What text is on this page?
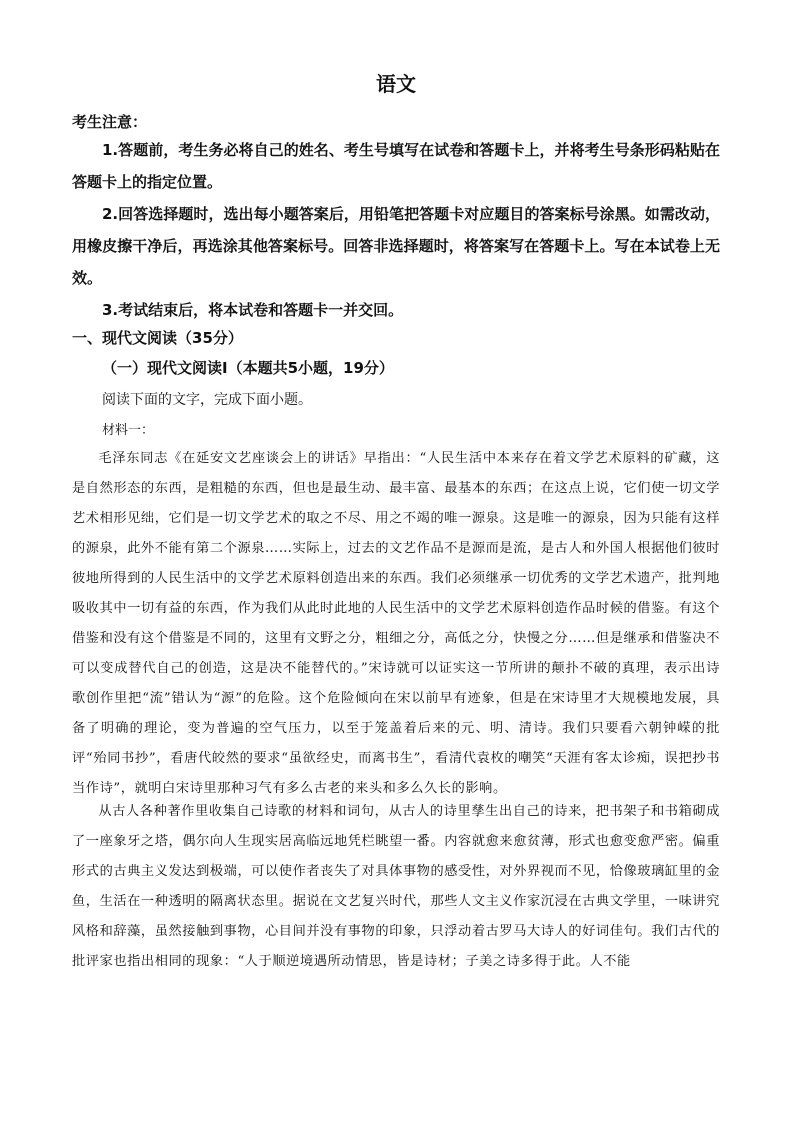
语文
考生注意：
1.答题前，考生务必将自己的姓名、考生号填写在试卷和答题卡上，并将考生号条形码粘贴在答题卡上的指定位置。
2.回答选择题时，选出每小题答案后，用铅笔把答题卡对应题目的答案标号涂黑。如需改动，用橡皮擦干净后，再选涂其他答案标号。回答非选择题时，将答案写在答题卡上。写在本试卷上无效。
3.考试结束后，将本试卷和答题卡一并交回。
一、现代文阅读（35分）
（一）现代文阅读Ⅰ（本题共5小题，19分）
阅读下面的文字，完成下面小题。
材料一：
毛泽东同志《在延安文艺座谈会上的讲话》早指出：“人民生活中本来存在着文学艺术原料的矿藏，这是自然形态的东西，是粗糙的东西，但也是最生动、最丰富、最基本的东西；在这点上说，它们使一切文学艺术相形见绌，它们是一切文学艺术的取之不尽、用之不竭的唯一源泉。这是唯一的源泉，因为只能有这样的源泉，此外不能有第二个源泉……实际上，过去的文艺作品不是源而是流，是古人和外国人根据他们彼时彼地所得到的人民生活中的文学艺术原料创造出来的东西。我们必须继承一切优秀的文学艺术遗产，批判地吸收其中一切有益的东西，作为我们从此时此地的人民生活中的文学艺术原料创造作品时候的借鉴。有这个借鉴和没有这个借鉴是不同的，这里有文野之分，粗细之分，高低之分，快慢之分……但是继承和借鉴决不可以变成替代自己的创造，这是决不能替代的。”宋诗就可以证实这一节所讲的颠扑不破的真理，表示出诗歌创作里把“流”错认为“源”的危险。这个危险倾向在宋以前早有迹象，但是在宋诗里才大规模地发展，具备了明确的理论，变为普遍的空气压力，以至于笼盖着后来的元、明、清诗。我们只要看六朝钟嵘的批评“殆同书抄”，看唐代皎然的要求“虽欲经史，而离书生”，看清代袁枚的嘲笑“天涯有客太诊痴，误把抄书当作诗”，就明白宋诗里那种习气有多么古老的来头和多么久长的影响。
从古人各种著作里收集自己诗歌的材料和词句，从古人的诗里孳生出自己的诗来，把书架子和书箱砌成了一座象牙之塔，偶尔向人生现实居高临远地凭栏眺望一番。内容就愈来愈贫薄，形式也愈变愈严密。偏重形式的古典主义发达到极端，可以使作者丧失了对具体事物的感受性，对外界视而不见，恰像玻璃缸里的金鱼，生活在一种透明的隔离状态里。据说在文艺复兴时代，那些人文主义作家沉浸在古典文学里，一味讲究风格和辞藻，虽然接触到事物，心目间并没有事物的印象，只浮动着古罗马大诗人的好词佳句。我们古代的批评家也指出相同的现象：“人于顺逆境遇所动情思，皆是诗材；子美之诗多得于此。人不能
